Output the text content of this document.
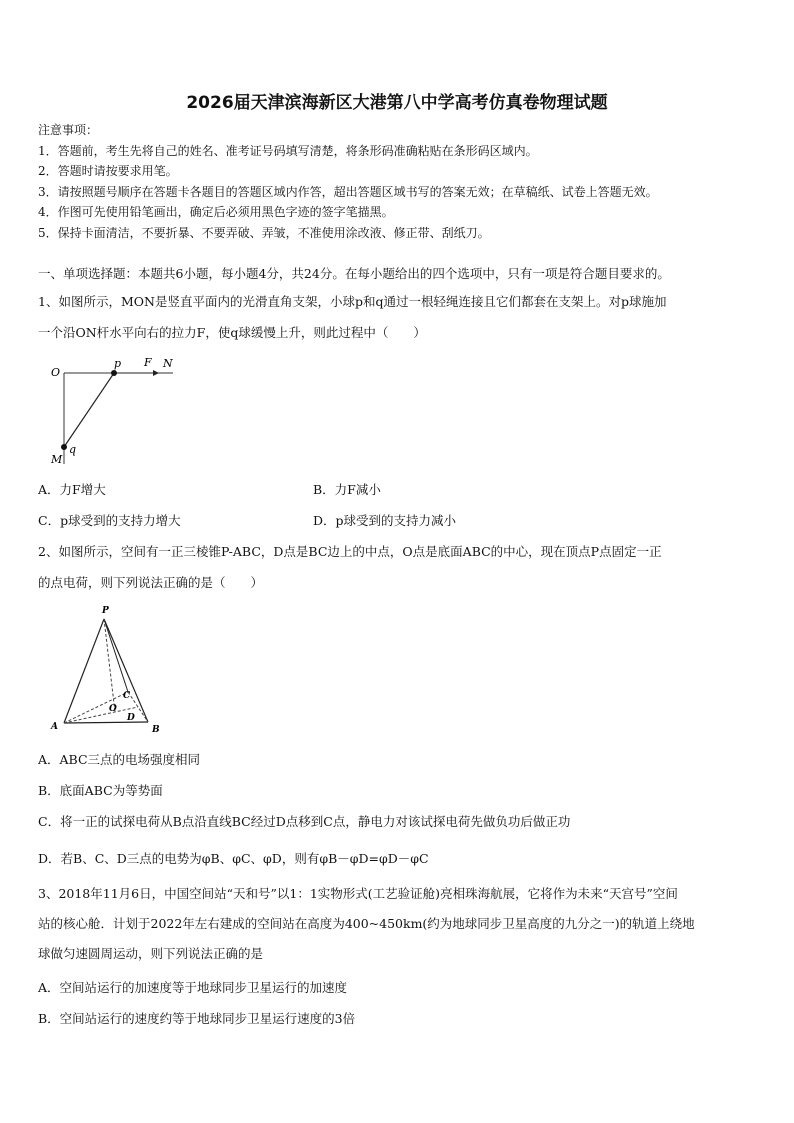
2026届天津滨海新区大港第八中学高考仿真卷物理试题
注意事项：
1．答题前，考生先将自己的姓名、准考证号码填写清楚，将条形码准确粘贴在条形码区域内。
2．答题时请按要求用笔。
3．请按照题号顺序在答题卡各题目的答题区域内作答，超出答题区域书写的答案无效；在草稿纸、试卷上答题无效。
4．作图可先使用铅笔画出，确定后必须用黑色字迹的签字笔描黑。
5．保持卡面清洁，不要折暴、不要弄破、弄皱，不准使用涂改液、修正带、刮纸刀。
一、单项选择题：本题共6小题，每小题4分，共24分。在每小题给出的四个选项中，只有一项是符合题目要求的。
1、如图所示，MON是竖直平面内的光滑直角支架，小球p和q通过一根轻绳连接且它们都套在支架上。对p球施加
一个沿ON杆水平向右的拉力F，使q球缓慢上升，则此过程中（　　）
O
p F N
q
M
A．力F增大	B．力F减小
C．p球受到的支持力增大	D．p球受到的支持力减小
2、如图所示，空间有一正三棱锥P-ABC，D点是BC边上的中点，O点是底面ABC的中心，现在顶点P点固定一正
的点电荷，则下列说法正确的是（　　）
P
A	B
C
D
O
A．ABC三点的电场强度相同
B．底面ABC为等势面
C．将一正的试探电荷从B点沿直线BC经过D点移到C点，静电力对该试探电荷先做负功后做正功
D．若B、C、D三点的电势为φB、φC、φD，则有φB－φD=φD－φC
3、2018年11月6日，中国空间站“天和号”以1：1实物形式(工艺验证舱)亮相珠海航展，它将作为未来“天宫号”空间
站的核心舱．计划于2022年左右建成的空间站在高度为400~450km(约为地球同步卫星高度的九分之一)的轨道上绕地
球做匀速圆周运动，则下列说法正确的是
A．空间站运行的加速度等于地球同步卫星运行的加速度
B．空间站运行的速度约等于地球同步卫星运行速度的3倍
